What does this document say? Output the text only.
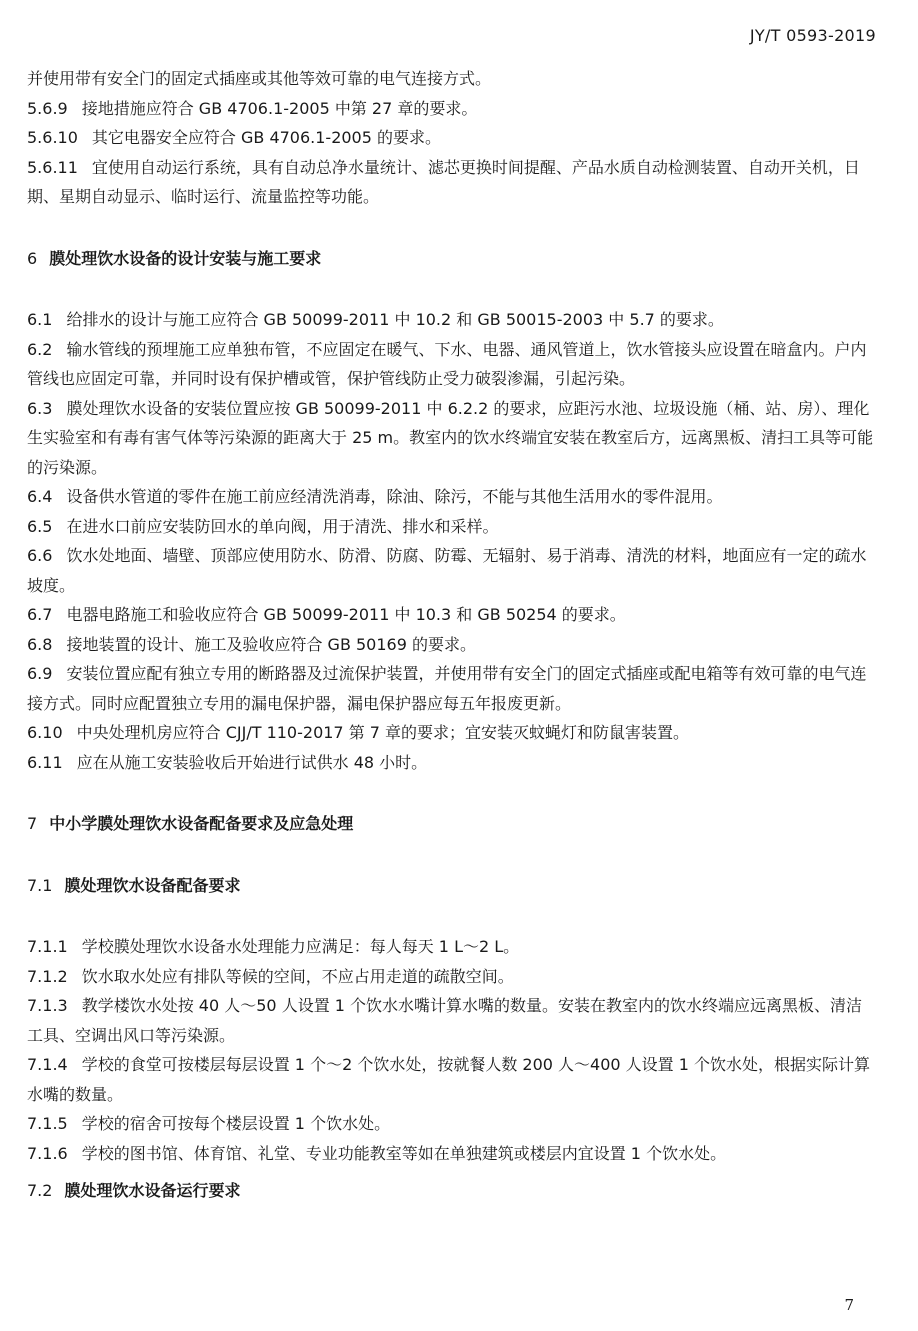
JY/T 0593-2019

并使用带有安全门的固定式插座或其他等效可靠的电气连接方式。

5.6.9 接地措施应符合 GB 4706.1-2005 中第 27 章的要求。

5.6.10 其它电器安全应符合 GB 4706.1-2005 的要求。

5.6.11 宜使用自动运行系统，具有自动总净水量统计、滤芯更换时间提醒、产品水质自动检测装置、自动开关机，日期、星期自动显示、临时运行、流量监控等功能。

6 膜处理饮水设备的设计安装与施工要求

6.1 给排水的设计与施工应符合 GB 50099-2011 中 10.2 和 GB 50015-2003 中 5.7 的要求。

6.2 输水管线的预埋施工应单独布管，不应固定在暖气、下水、电器、通风管道上，饮水管接头应设置在暗盒内。户内管线也应固定可靠，并同时设有保护槽或管，保护管线防止受力破裂渗漏，引起污染。

6.3 膜处理饮水设备的安装位置应按 GB 50099-2011 中 6.2.2 的要求，应距污水池、垃圾设施（桶、站、房）、理化生实验室和有毒有害气体等污染源的距离大于 25 m。教室内的饮水终端宜安装在教室后方，远离黑板、清扫工具等可能的污染源。

6.4 设备供水管道的零件在施工前应经清洗消毒，除油、除污，不能与其他生活用水的零件混用。

6.5 在进水口前应安装防回水的单向阀，用于清洗、排水和采样。

6.6 饮水处地面、墙壁、顶部应使用防水、防滑、防腐、防霉、无辐射、易于消毒、清洗的材料，地面应有一定的疏水坡度。

6.7 电器电路施工和验收应符合 GB 50099-2011 中 10.3 和 GB 50254 的要求。

6.8 接地装置的设计、施工及验收应符合 GB 50169 的要求。

6.9 安装位置应配有独立专用的断路器及过流保护装置，并使用带有安全门的固定式插座或配电箱等有效可靠的电气连接方式。同时应配置独立专用的漏电保护器，漏电保护器应每五年报废更新。

6.10 中央处理机房应符合 CJJ/T 110-2017 第 7 章的要求；宜安装灭蚊蝇灯和防鼠害装置。

6.11 应在从施工安装验收后开始进行试供水 48 小时。

7 中小学膜处理饮水设备配备要求及应急处理

7.1 膜处理饮水设备配备要求

7.1.1 学校膜处理饮水设备水处理能力应满足：每人每天 1 L～2 L。

7.1.2 饮水取水处应有排队等候的空间，不应占用走道的疏散空间。

7.1.3 教学楼饮水处按 40 人～50 人设置 1 个饮水水嘴计算水嘴的数量。安装在教室内的饮水终端应远离黑板、清洁工具、空调出风口等污染源。

7.1.4 学校的食堂可按楼层每层设置 1 个～2 个饮水处，按就餐人数 200 人～400 人设置 1 个饮水处，根据实际计算水嘴的数量。

7.1.5 学校的宿舍可按每个楼层设置 1 个饮水处。

7.1.6 学校的图书馆、体育馆、礼堂、专业功能教室等如在单独建筑或楼层内宜设置 1 个饮水处。

7.2 膜处理饮水设备运行要求

7
